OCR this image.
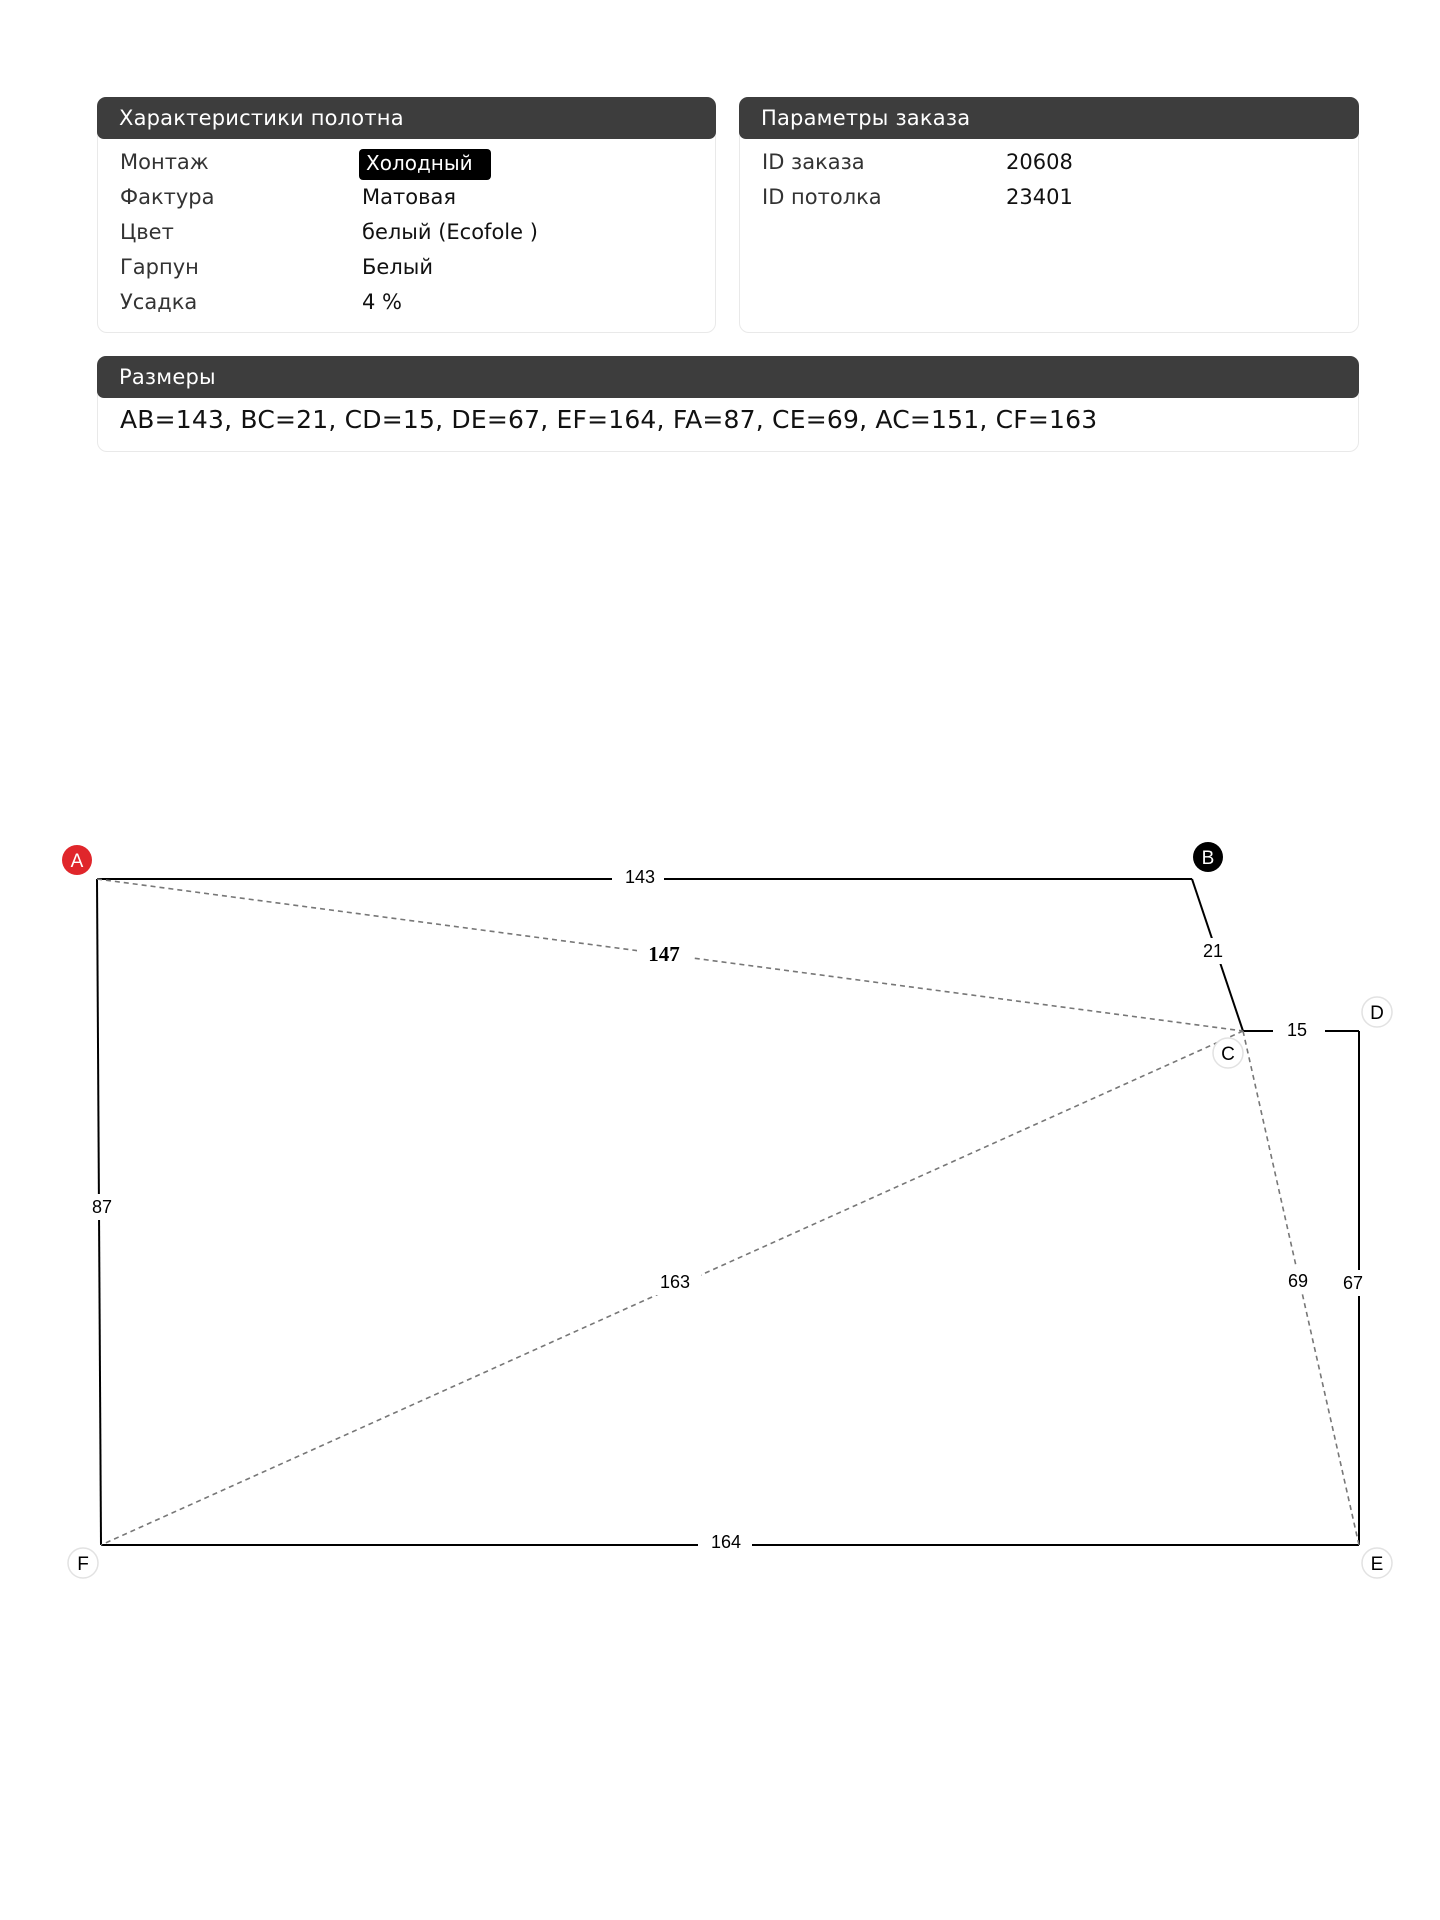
Характеристики полотна
Монтаж	Холодный
Фактура	Матовая
Цвет	белый (Ecofole )
Гарпун	Белый
Усадка	4 %
Параметры заказа
ID заказа	20608
ID потолка	23401
Размеры
AB=143, BC=21, CD=15, DE=67, EF=164, FA=87, CE=69, AC=151, CF=163
143
21
15
67
164
87
147
163	69
A	B
C
D
E
F
